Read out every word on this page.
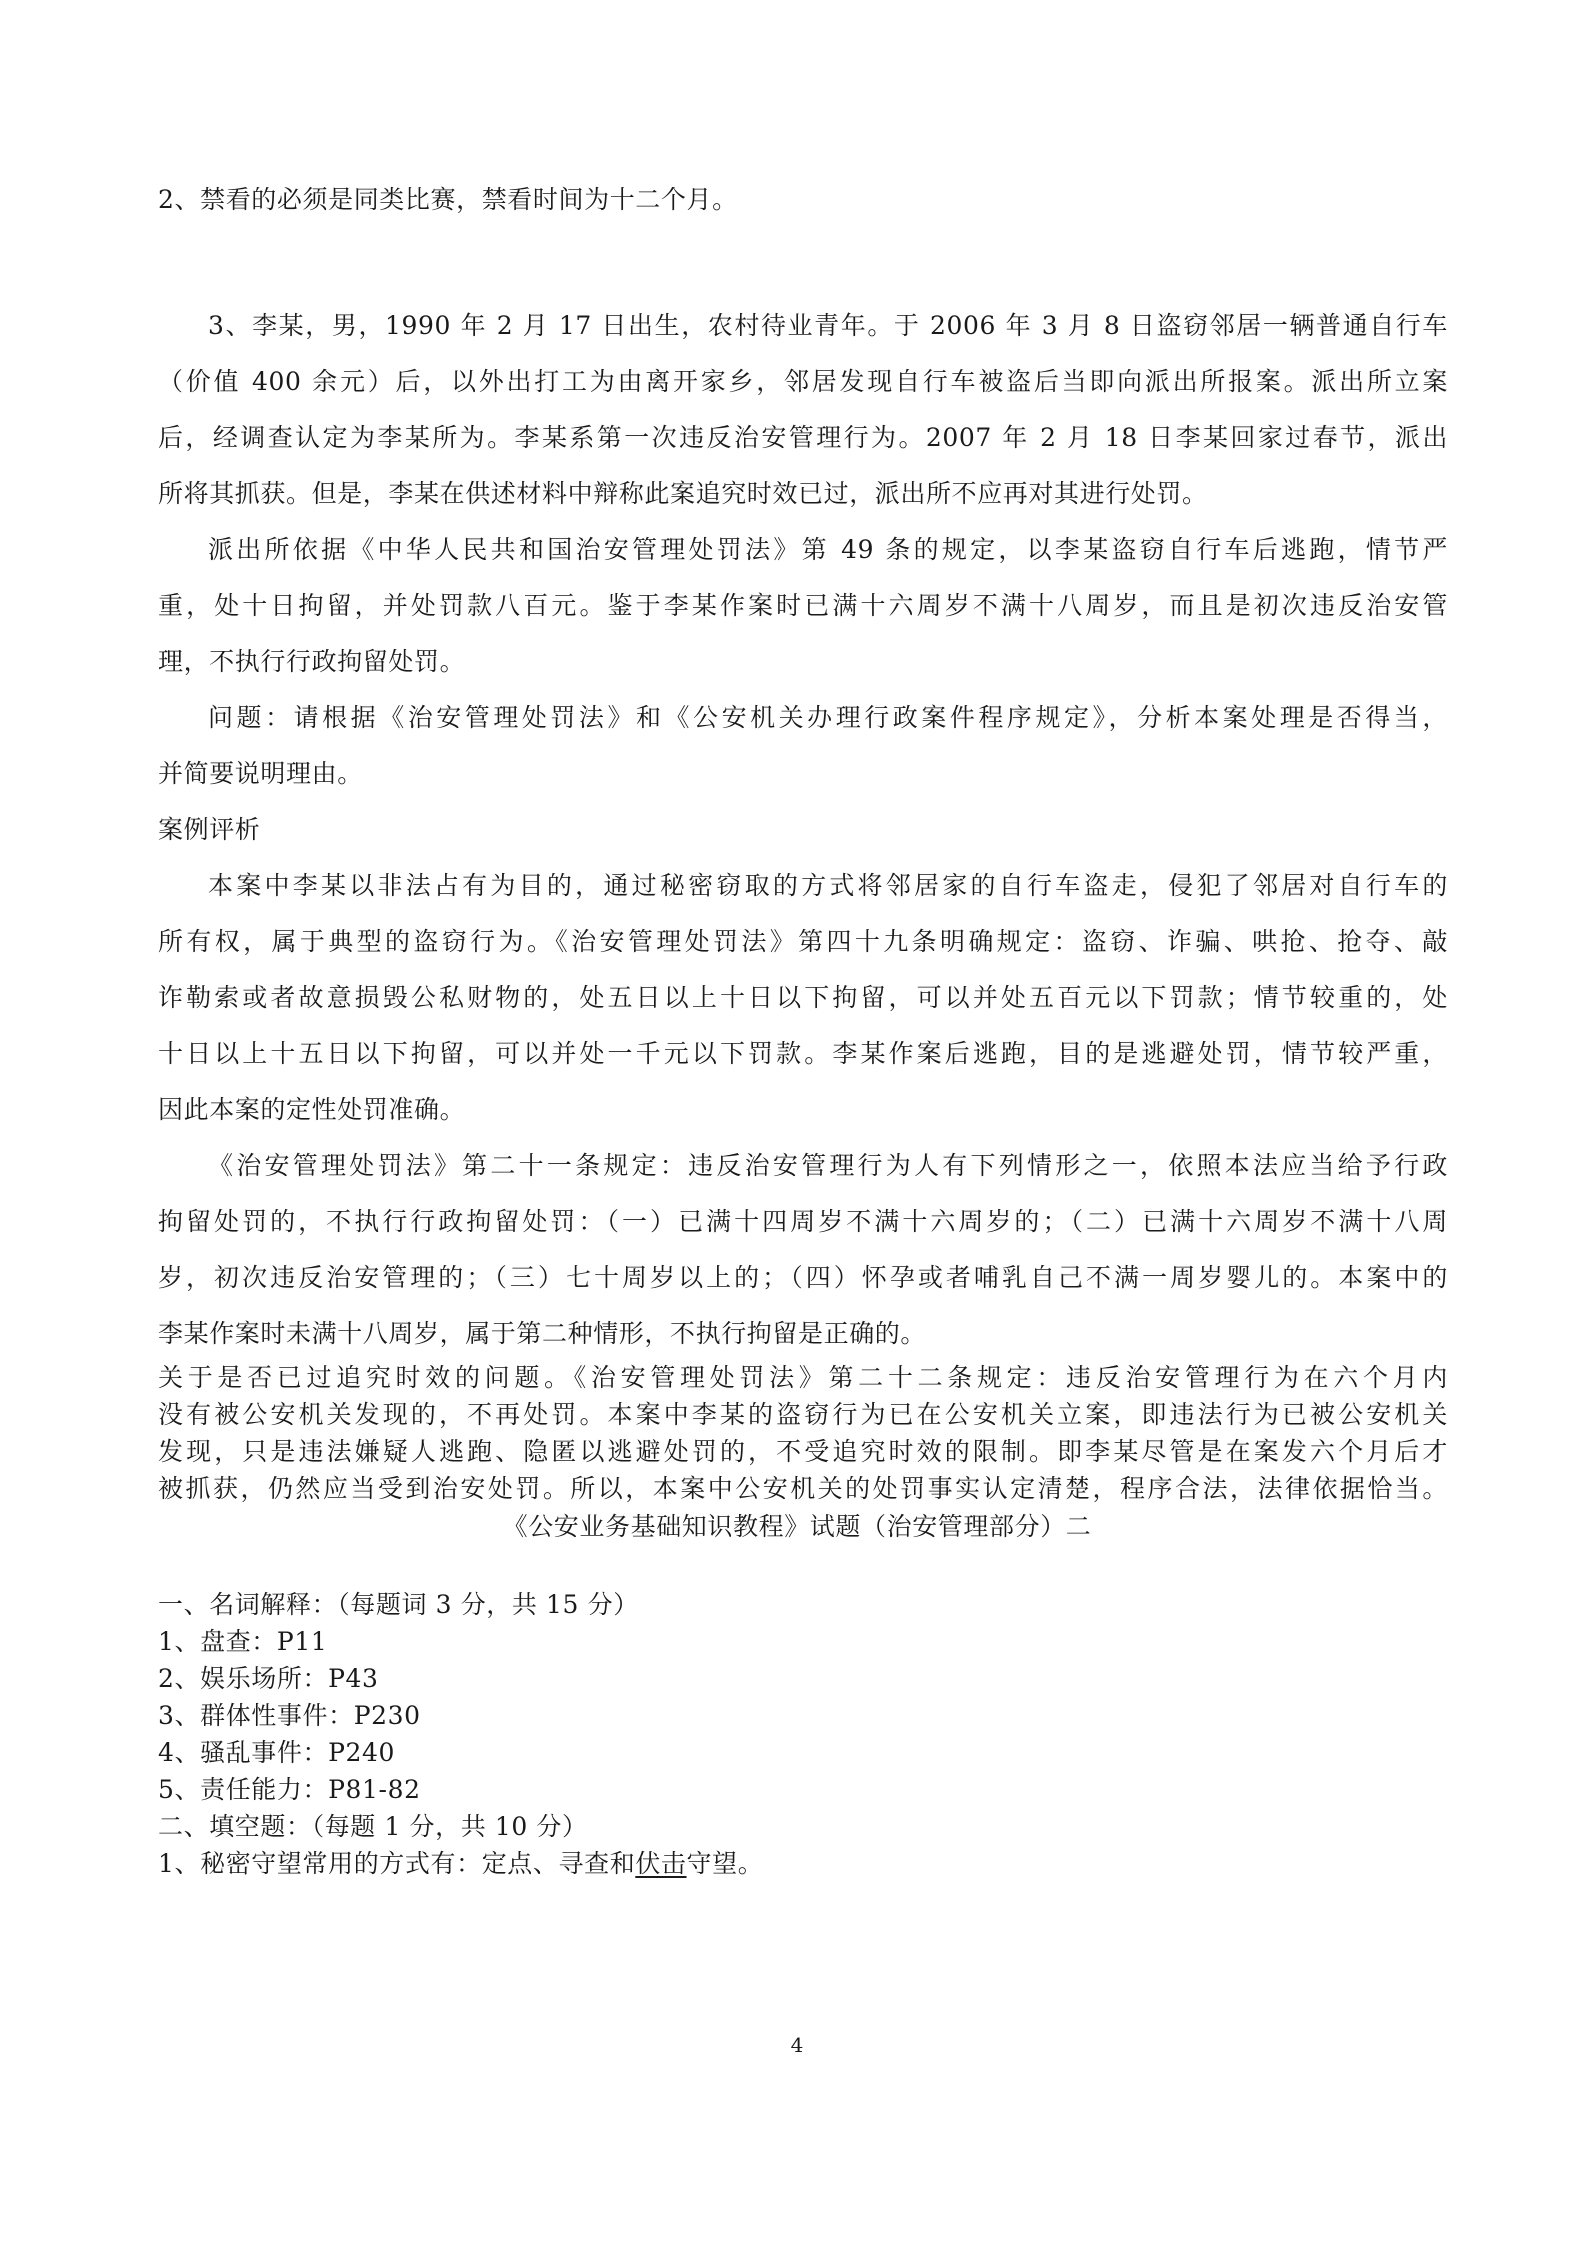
2、禁看的必须是同类比赛，禁看时间为十二个月。
3、李某，男，1990 年 2 月 17 日出生，农村待业青年。于 2006 年 3 月 8 日盗窃邻居一辆普通自行车
（价值 400 余元）后，以外出打工为由离开家乡，邻居发现自行车被盗后当即向派出所报案。派出所立案
后，经调查认定为李某所为。李某系第一次违反治安管理行为。2007 年 2 月 18 日李某回家过春节，派出
所将其抓获。但是，李某在供述材料中辩称此案追究时效已过，派出所不应再对其进行处罚。
派出所依据《中华人民共和国治安管理处罚法》第 49 条的规定，以李某盗窃自行车后逃跑，情节严
重，处十日拘留，并处罚款八百元。鉴于李某作案时已满十六周岁不满十八周岁，而且是初次违反治安管
理，不执行行政拘留处罚。
问题：请根据《治安管理处罚法》和《公安机关办理行政案件程序规定》，分析本案处理是否得当，
并简要说明理由。
案例评析
本案中李某以非法占有为目的，通过秘密窃取的方式将邻居家的自行车盗走，侵犯了邻居对自行车的
所有权，属于典型的盗窃行为。《治安管理处罚法》第四十九条明确规定：盗窃、诈骗、哄抢、抢夺、敲
诈勒索或者故意损毁公私财物的，处五日以上十日以下拘留，可以并处五百元以下罚款；情节较重的，处
十日以上十五日以下拘留，可以并处一千元以下罚款。李某作案后逃跑，目的是逃避处罚，情节较严重，
因此本案的定性处罚准确。
《治安管理处罚法》第二十一条规定：违反治安管理行为人有下列情形之一，依照本法应当给予行政
拘留处罚的，不执行行政拘留处罚：（一）已满十四周岁不满十六周岁的；（二）已满十六周岁不满十八周
岁，初次违反治安管理的；（三）七十周岁以上的；（四）怀孕或者哺乳自己不满一周岁婴儿的。本案中的
李某作案时未满十八周岁，属于第二种情形，不执行拘留是正确的。
关于是否已过追究时效的问题。《治安管理处罚法》第二十二条规定：违反治安管理行为在六个月内
没有被公安机关发现的，不再处罚。本案中李某的盗窃行为已在公安机关立案，即违法行为已被公安机关
发现，只是违法嫌疑人逃跑、隐匿以逃避处罚的，不受追究时效的限制。即李某尽管是在案发六个月后才
被抓获，仍然应当受到治安处罚。所以，本案中公安机关的处罚事实认定清楚，程序合法，法律依据恰当。
《公安业务基础知识教程》试题（治安管理部分）二
一、名词解释：（每题词 3 分，共 15 分）
1、盘查：P11
2、娱乐场所：P43
3、群体性事件：P230
4、骚乱事件：P240
5、责任能力：P81-82
二、填空题：（每题 1 分，共 10 分）
1、秘密守望常用的方式有：定点、寻查和伏击守望。
4
